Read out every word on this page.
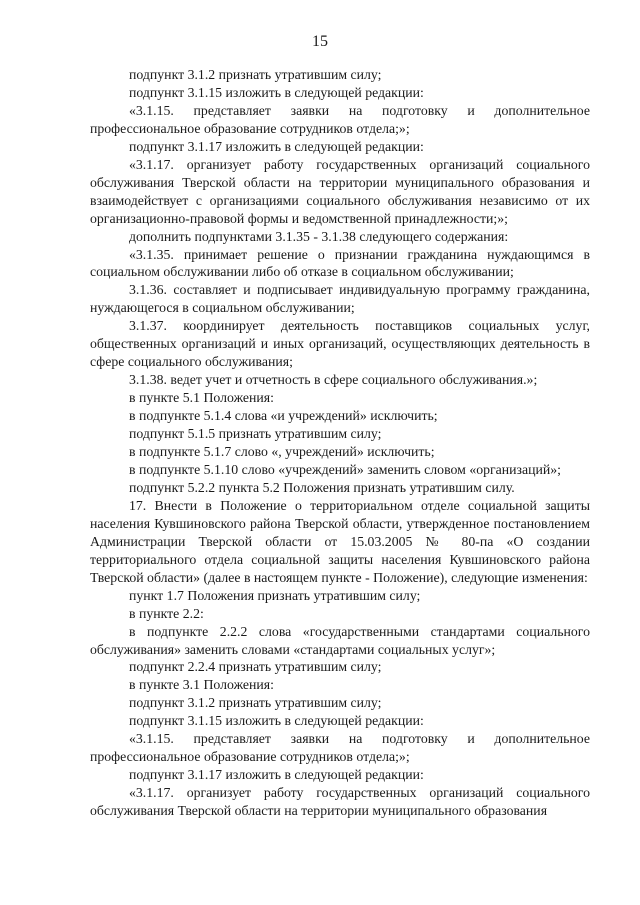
15

подпункт 3.1.2 признать утратившим силу;

подпункт 3.1.15 изложить в следующей редакции:

«3.1.15. представляет заявки на подготовку и дополнительное профессиональное образование сотрудников отдела;»;

подпункт 3.1.17 изложить в следующей редакции:

«3.1.17. организует работу государственных организаций социального обслуживания Тверской области на территории муниципального образования и взаимодействует с организациями социального обслуживания независимо от их организационно-правовой формы и ведомственной принадлежности;»;

дополнить подпунктами 3.1.35 - 3.1.38 следующего содержания:

«3.1.35. принимает решение о признании гражданина нуждающимся в социальном обслуживании либо об отказе в социальном обслуживании;

3.1.36. составляет и подписывает индивидуальную программу гражданина, нуждающегося в социальном обслуживании;

3.1.37. координирует деятельность поставщиков социальных услуг, общественных организаций и иных организаций, осуществляющих деятельность в сфере социального обслуживания;

3.1.38. ведет учет и отчетность в сфере социального обслуживания.»;

в пункте 5.1 Положения:

в подпункте 5.1.4 слова «и учреждений» исключить;

подпункт 5.1.5 признать утратившим силу;

в подпункте 5.1.7 слово «, учреждений» исключить;

в подпункте 5.1.10 слово «учреждений» заменить словом «организаций»;

подпункт 5.2.2 пункта 5.2 Положения признать утратившим силу.

17. Внести в Положение о территориальном отделе социальной защиты населения Кувшиновского района Тверской области, утвержденное постановлением Администрации Тверской области от 15.03.2005 № 80-па «О создании территориального отдела социальной защиты населения Кувшиновского района Тверской области» (далее в настоящем пункте - Положение), следующие изменения:

пункт 1.7 Положения признать утратившим силу;

в пункте 2.2:

в подпункте 2.2.2 слова «государственными стандартами социального обслуживания» заменить словами «стандартами социальных услуг»;

подпункт 2.2.4 признать утратившим силу;

в пункте 3.1 Положения:

подпункт 3.1.2 признать утратившим силу;

подпункт 3.1.15 изложить в следующей редакции:

«3.1.15. представляет заявки на подготовку и дополнительное профессиональное образование сотрудников отдела;»;

подпункт 3.1.17 изложить в следующей редакции:

«3.1.17. организует работу государственных организаций социального обслуживания Тверской области на территории муниципального образования
